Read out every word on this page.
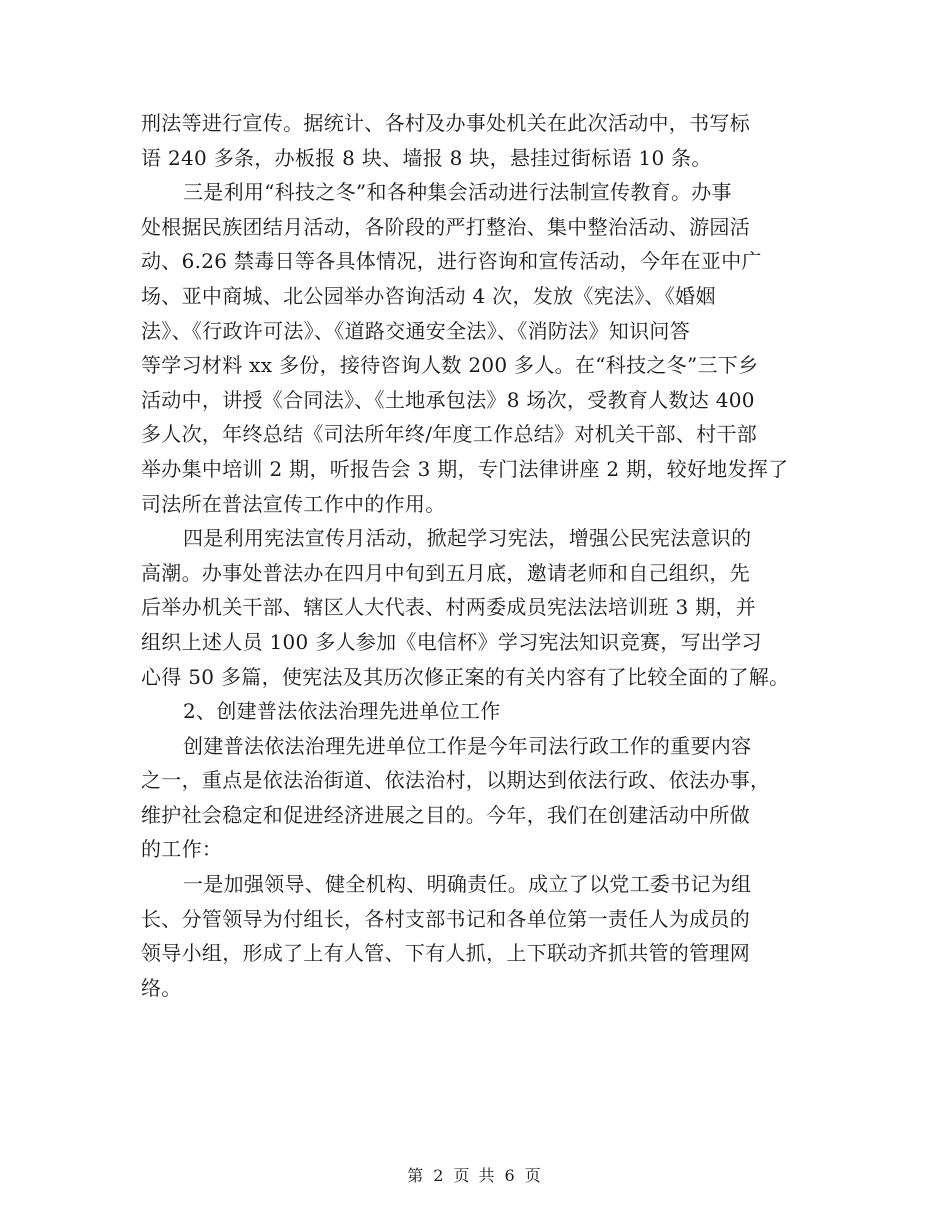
刑法等进行宣传。据统计、各村及办事处机关在此次活动中，书写标
语 240 多条，办板报 8 块、墙报 8 块，悬挂过街标语 10 条。
三是利用“科技之冬”和各种集会活动进行法制宣传教育。办事
处根据民族团结月活动，各阶段的严打整治、集中整治活动、游园活
动、6.26 禁毒日等各具体情况，进行咨询和宣传活动，今年在亚中广
场、亚中商城、北公园举办咨询活动 4 次，发放《宪法》、《婚姻
法》、《行政许可法》、《道路交通安全法》、《消防法》知识问答
等学习材料 xx 多份，接待咨询人数 200 多人。在“科技之冬”三下乡
活动中，讲授《合同法》、《土地承包法》8 场次，受教育人数达 400
多人次，年终总结《司法所年终/年度工作总结》对机关干部、村干部
举办集中培训 2 期，听报告会 3 期，专门法律讲座 2 期，较好地发挥了
司法所在普法宣传工作中的作用。
四是利用宪法宣传月活动，掀起学习宪法，增强公民宪法意识的
高潮。办事处普法办在四月中旬到五月底，邀请老师和自己组织，先
后举办机关干部、辖区人大代表、村两委成员宪法法培训班 3 期，并
组织上述人员 100 多人参加《电信杯》学习宪法知识竞赛，写出学习
心得 50 多篇，使宪法及其历次修正案的有关内容有了比较全面的了解。
2、创建普法依法治理先进单位工作
创建普法依法治理先进单位工作是今年司法行政工作的重要内容
之一，重点是依法治街道、依法治村，以期达到依法行政、依法办事，
维护社会稳定和促进经济进展之目的。今年，我们在创建活动中所做
的工作：
一是加强领导、健全机构、明确责任。成立了以党工委书记为组
长、分管领导为付组长，各村支部书记和各单位第一责任人为成员的
领导小组，形成了上有人管、下有人抓，上下联动齐抓共管的管理网
络。
第 2 页 共 6 页
